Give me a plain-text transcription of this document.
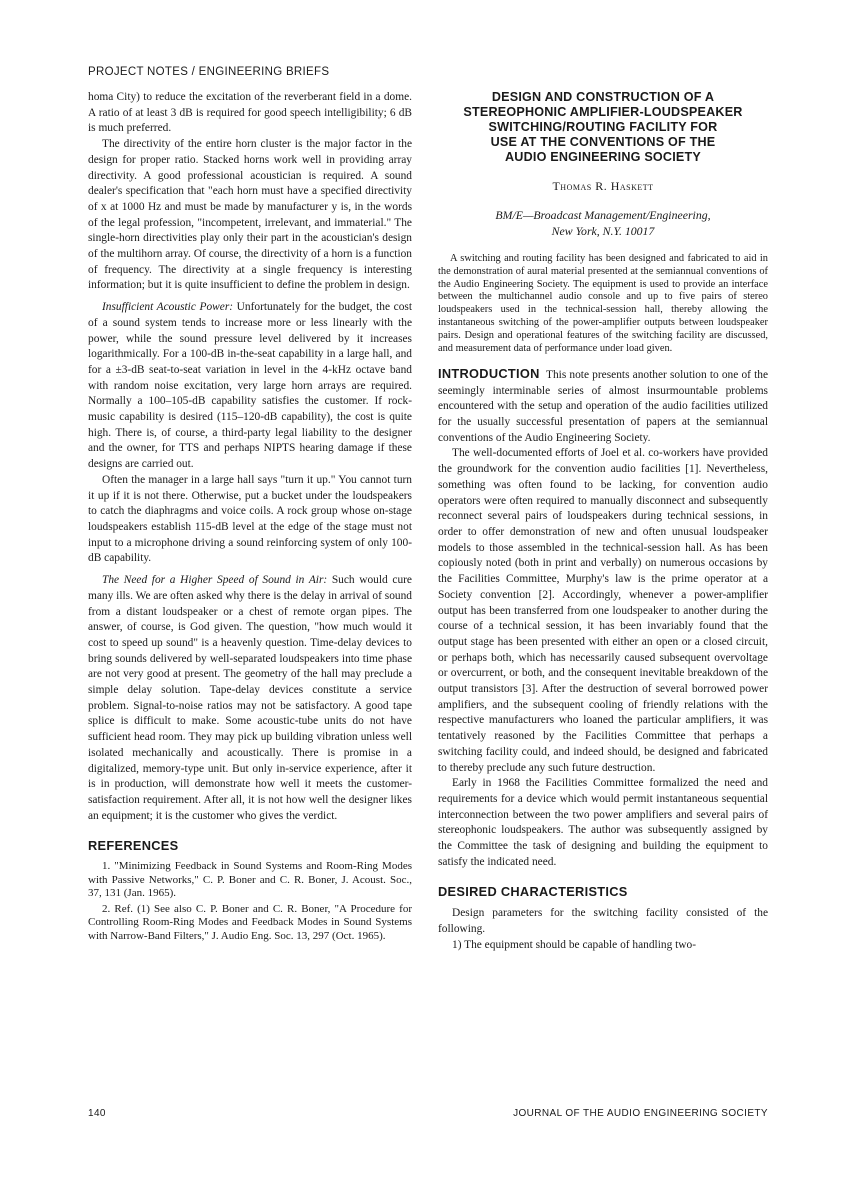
PROJECT NOTES / ENGINEERING BRIEFS

homa City) to reduce the excitation of the reverberant field in a dome. A ratio of at least 3 dB is required for good speech intelligibility; 6 dB is much preferred.

The directivity of the entire horn cluster is the major factor in the design for proper ratio. Stacked horns work well in providing array directivity. A good professional acoustician is required. A sound dealer's specification that "each horn must have a specified directivity of x at 1000 Hz and must be made by manufacturer y is, in the words of the legal profession, "incompetent, irrelevant, and immaterial." The single-horn directivities play only their part in the acoustician's design of the multihorn array. Of course, the directivity of a horn is a function of frequency. The directivity at a single frequency is interesting information; but it is quite insufficient to define the problem in design.

Insufficient Acoustic Power: Unfortunately for the budget, the cost of a sound system tends to increase more or less linearly with the power, while the sound pressure level delivered by it increases logarithmically. For a 100-dB in-the-seat capability in a large hall, and for a ±3-dB seat-to-seat variation in level in the 4-kHz octave band with random noise excitation, very large horn arrays are required. Normally a 100–105-dB capability satisfies the customer. If rock-music capability is desired (115–120-dB capability), the cost is quite high. There is, of course, a third-party legal liability to the designer and the owner, for TTS and perhaps NIPTS hearing damage if these designs are carried out.

Often the manager in a large hall says "turn it up." You cannot turn it up if it is not there. Otherwise, put a bucket under the loudspeakers to catch the diaphragms and voice coils. A rock group whose on-stage loudspeakers establish 115-dB level at the edge of the stage must not input to a microphone driving a sound reinforcing system of only 100-dB capability.

The Need for a Higher Speed of Sound in Air: Such would cure many ills. We are often asked why there is the delay in arrival of sound from a distant loudspeaker or a chest of remote organ pipes. The answer, of course, is God given. The question, "how much would it cost to speed up sound" is a heavenly question. Time-delay devices to bring sounds delivered by well-separated loudspeakers into time phase are not very good at present. The geometry of the hall may preclude a simple delay solution. Tape-delay devices constitute a service problem. Signal-to-noise ratios may not be satisfactory. A good tape splice is difficult to make. Some acoustic-tube units do not have sufficient head room. They may pick up building vibration unless well isolated mechanically and acoustically. There is promise in a digitalized, memory-type unit. But only in-service experience, after it is in production, will demonstrate how well it meets the customer-satisfaction requirement. After all, it is not how well the designer likes an equipment; it is the customer who gives the verdict.

REFERENCES

1. "Minimizing Feedback in Sound Systems and Room-Ring Modes with Passive Networks," C. P. Boner and C. R. Boner, J. Acoust. Soc., 37, 131 (Jan. 1965).

2. Ref. (1) See also C. P. Boner and C. R. Boner, "A Procedure for Controlling Room-Ring Modes and Feedback Modes in Sound Systems with Narrow-Band Filters," J. Audio Eng. Soc. 13, 297 (Oct. 1965).

DESIGN AND CONSTRUCTION OF A
STEREOPHONIC AMPLIFIER-LOUDSPEAKER
SWITCHING/ROUTING FACILITY FOR
USE AT THE CONVENTIONS OF THE
AUDIO ENGINEERING SOCIETY
Thomas R. Haskett
BM/E—Broadcast Management/Engineering,
New York, N.Y. 10017

A switching and routing facility has been designed and fabricated to aid in the demonstration of aural material presented at the semiannual conventions of the Audio Engineering Society. The equipment is used to provide an interface between the multichannel audio console and up to five pairs of stereo loudspeakers used in the technical-session hall, thereby allowing the instantaneous switching of the power-amplifier outputs between loudspeaker pairs. Design and operational features of the switching facility are discussed, and measurement data of performance under load given.

INTRODUCTION This note presents another solution to one of the seemingly interminable series of almost insurmountable problems encountered with the setup and operation of the audio facilities utilized for the usually successful presentation of papers at the semiannual conventions of the Audio Engineering Society.

The well-documented efforts of Joel et al. co-workers have provided the groundwork for the convention audio facilities [1]. Nevertheless, something was often found to be lacking, for convention audio operators were often required to manually disconnect and subsequently reconnect several pairs of loudspeakers during technical sessions, in order to offer demonstration of new and often unusual loudspeaker models to those assembled in the technical-session hall. As has been copiously noted (both in print and verbally) on numerous occasions by the Facilities Committee, Murphy's law is the prime operator at a Society convention [2]. Accordingly, whenever a power-amplifier output has been transferred from one loudspeaker to another during the course of a technical session, it has been invariably found that the output stage has been presented with either an open or a closed circuit, or perhaps both, which has necessarily caused subsequent overvoltage or overcurrent, or both, and the consequent inevitable breakdown of the output transistors [3]. After the destruction of several borrowed power amplifiers, and the subsequent cooling of friendly relations with the respective manufacturers who loaned the particular amplifiers, it was tentatively reasoned by the Facilities Committee that perhaps a switching facility could, and indeed should, be designed and fabricated to thereby preclude any such future destruction.

Early in 1968 the Facilities Committee formalized the need and requirements for a device which would permit instantaneous sequential interconnection between the two power amplifiers and several pairs of stereophonic loudspeakers. The author was subsequently assigned by the Committee the task of designing and building the equipment to satisfy the indicated need.

DESIRED CHARACTERISTICS

Design parameters for the switching facility consisted of the following.

1) The equipment should be capable of handling two-

140	JOURNAL OF THE AUDIO ENGINEERING SOCIETY
